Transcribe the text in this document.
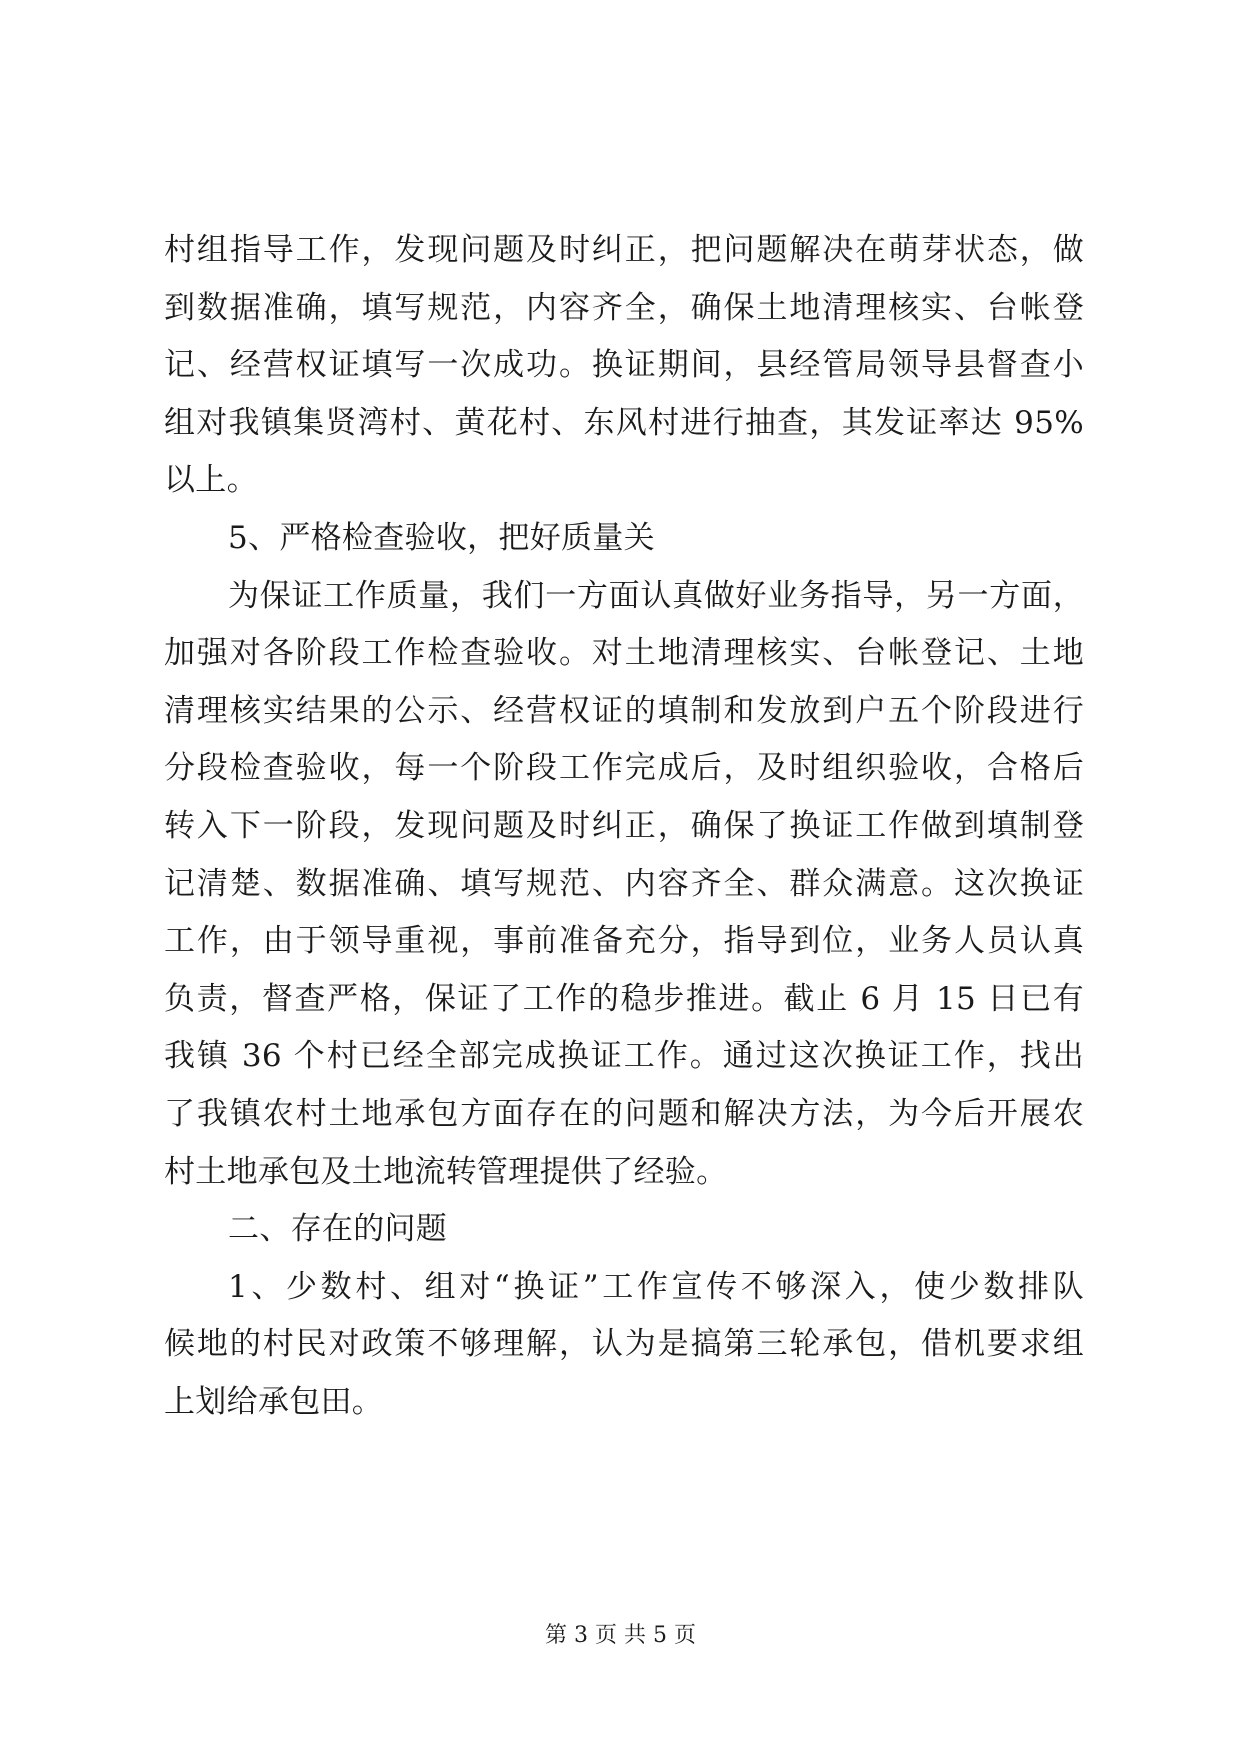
村组指导工作，发现问题及时纠正，把问题解决在萌芽状态，做
到数据准确，填写规范，内容齐全，确保土地清理核实、台帐登
记、经营权证填写一次成功。换证期间，县经管局领导县督查小
组对我镇集贤湾村、黄花村、东风村进行抽查，其发证率达 95%
以上。
5、严格检查验收，把好质量关
为保证工作质量，我们一方面认真做好业务指导，另一方面，
加强对各阶段工作检查验收。对土地清理核实、台帐登记、土地
清理核实结果的公示、经营权证的填制和发放到户五个阶段进行
分段检查验收，每一个阶段工作完成后，及时组织验收，合格后
转入下一阶段，发现问题及时纠正，确保了换证工作做到填制登
记清楚、数据准确、填写规范、内容齐全、群众满意。这次换证
工作，由于领导重视，事前准备充分，指导到位，业务人员认真
负责，督查严格，保证了工作的稳步推进。截止 6 月 15 日已有
我镇 36 个村已经全部完成换证工作。通过这次换证工作，找出
了我镇农村土地承包方面存在的问题和解决方法，为今后开展农
村土地承包及土地流转管理提供了经验。
二、存在的问题
1、少数村、组对“换证”工作宣传不够深入，使少数排队
候地的村民对政策不够理解，认为是搞第三轮承包，借机要求组
上划给承包田。
第 3 页 共 5 页
